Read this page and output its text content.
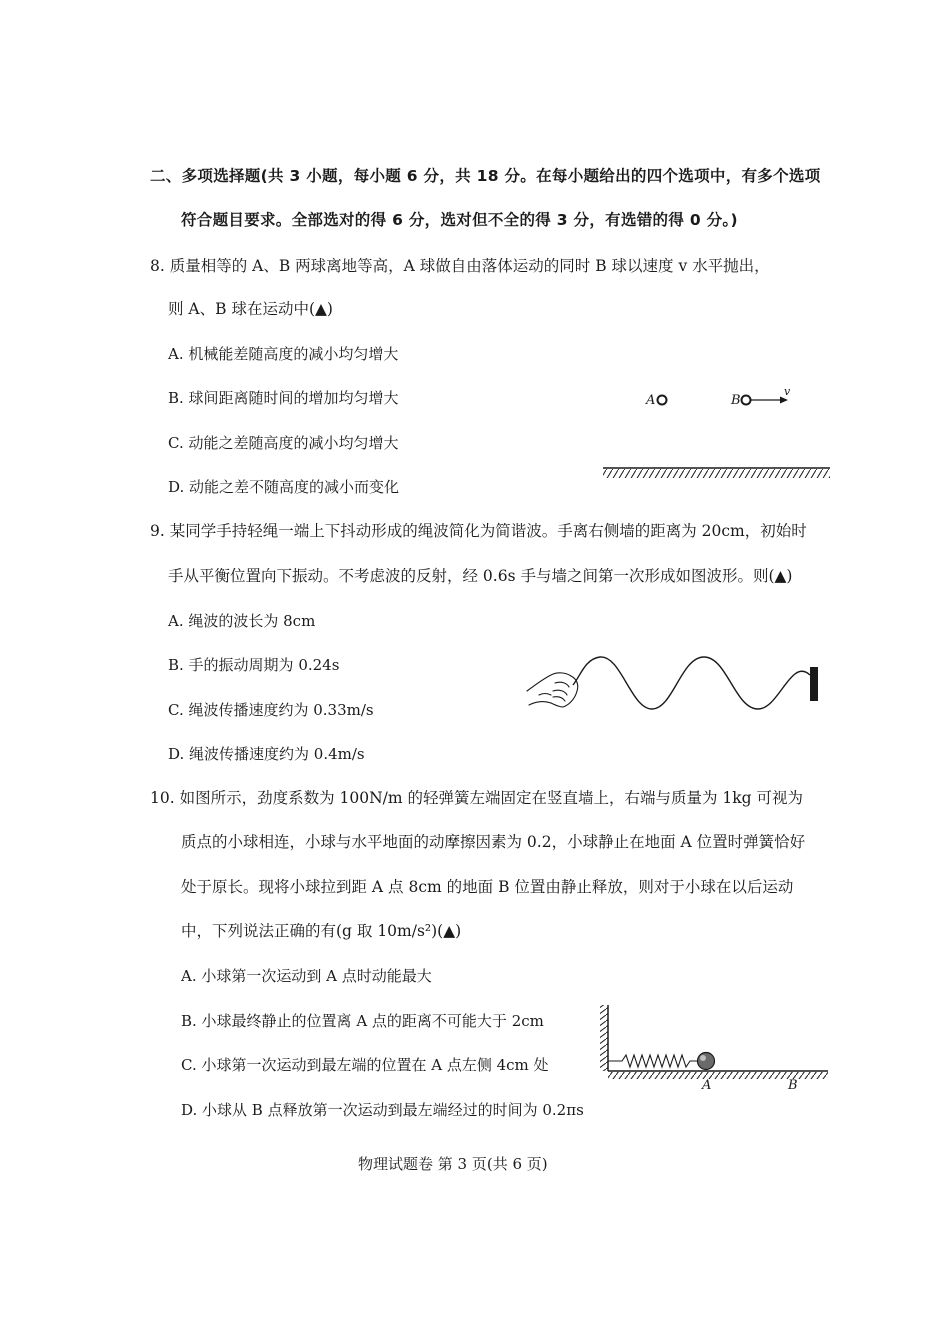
二、多项选择题(共 3 小题，每小题 6 分，共 18 分。在每小题给出的四个选项中，有多个选项
符合题目要求。全部选对的得 6 分，选对但不全的得 3 分，有选错的得 0 分。)
8. 质量相等的 A、B 两球离地等高，A 球做自由落体运动的同时 B 球以速度 v 水平抛出，
则 A、B 球在运动中(▲)
A. 机械能差随高度的减小均匀增大
B. 球间距离随时间的增加均匀增大
C. 动能之差随高度的减小均匀增大
D. 动能之差不随高度的减小而变化
A	B
v
9. 某同学手持轻绳一端上下抖动形成的绳波简化为简谐波。手离右侧墙的距离为 20cm，初始时
手从平衡位置向下振动。不考虑波的反射，经 0.6s 手与墙之间第一次形成如图波形。则(▲)
A. 绳波的波长为 8cm
B. 手的振动周期为 0.24s
C. 绳波传播速度约为 0.33m/s
D. 绳波传播速度约为 0.4m/s
10. 如图所示，劲度系数为 100N/m 的轻弹簧左端固定在竖直墙上，右端与质量为 1kg 可视为
质点的小球相连，小球与水平地面的动摩擦因素为 0.2，小球静止在地面 A 位置时弹簧恰好
处于原长。现将小球拉到距 A 点 8cm 的地面 B 位置由静止释放，则对于小球在以后运动
中，下列说法正确的有(g 取 10m/s²)(▲)
A. 小球第一次运动到 A 点时动能最大
B. 小球最终静止的位置离 A 点的距离不可能大于 2cm
C. 小球第一次运动到最左端的位置在 A 点左侧 4cm 处
D. 小球从 B 点释放第一次运动到最左端经过的时间为 0.2πs
A	B
物理试题卷 第 3 页(共 6 页)
